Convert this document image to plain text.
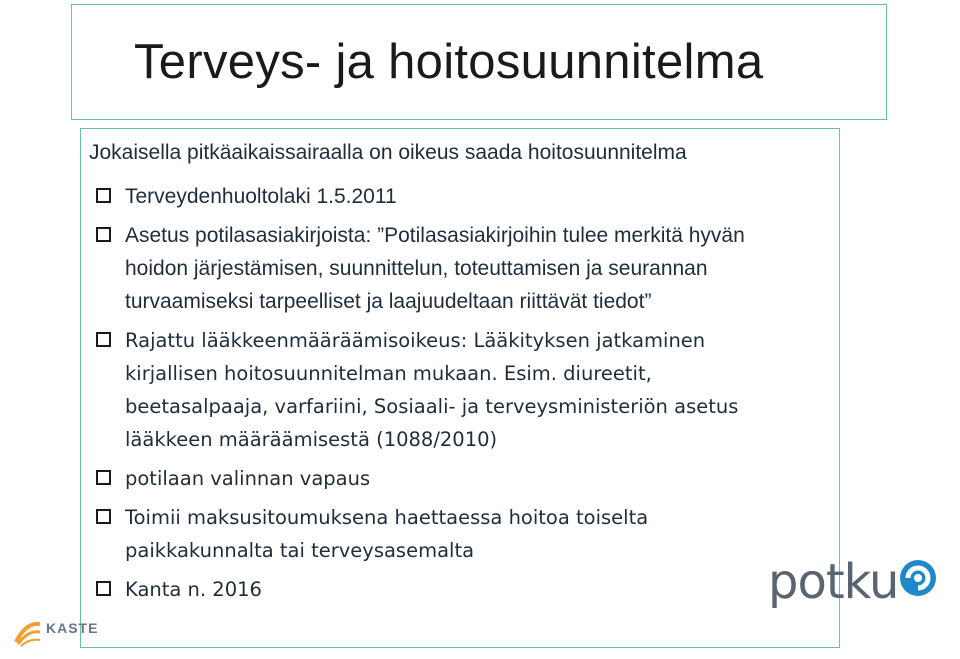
Terveys- ja hoitosuunnitelma

Jokaisella pitkäaikaissairaalla on oikeus saada hoitosuunnitelma

Terveydenhuoltolaki 1.5.2011
Asetus potilasasiakirjoista: ”Potilasasiakirjoihin tulee merkitä hyvän hoidon järjestämisen, suunnittelun, toteuttamisen ja seurannan turvaamiseksi tarpeelliset ja laajuudeltaan riittävät tiedot”
Rajattu lääkkeenmääräämisoikeus: Lääkityksen jatkaminen kirjallisen hoitosuunnitelman mukaan. Esim. diureetit, beetasalpaaja, varfariini, Sosiaali- ja terveysministeriön asetus lääkkeen määräämisestä (1088/2010)
potilaan valinnan vapaus
Toimii maksusitoumuksena haettaessa hoitoa toiselta paikkakunnalta tai terveysasemalta
Kanta n. 2016	potku
KASTE
